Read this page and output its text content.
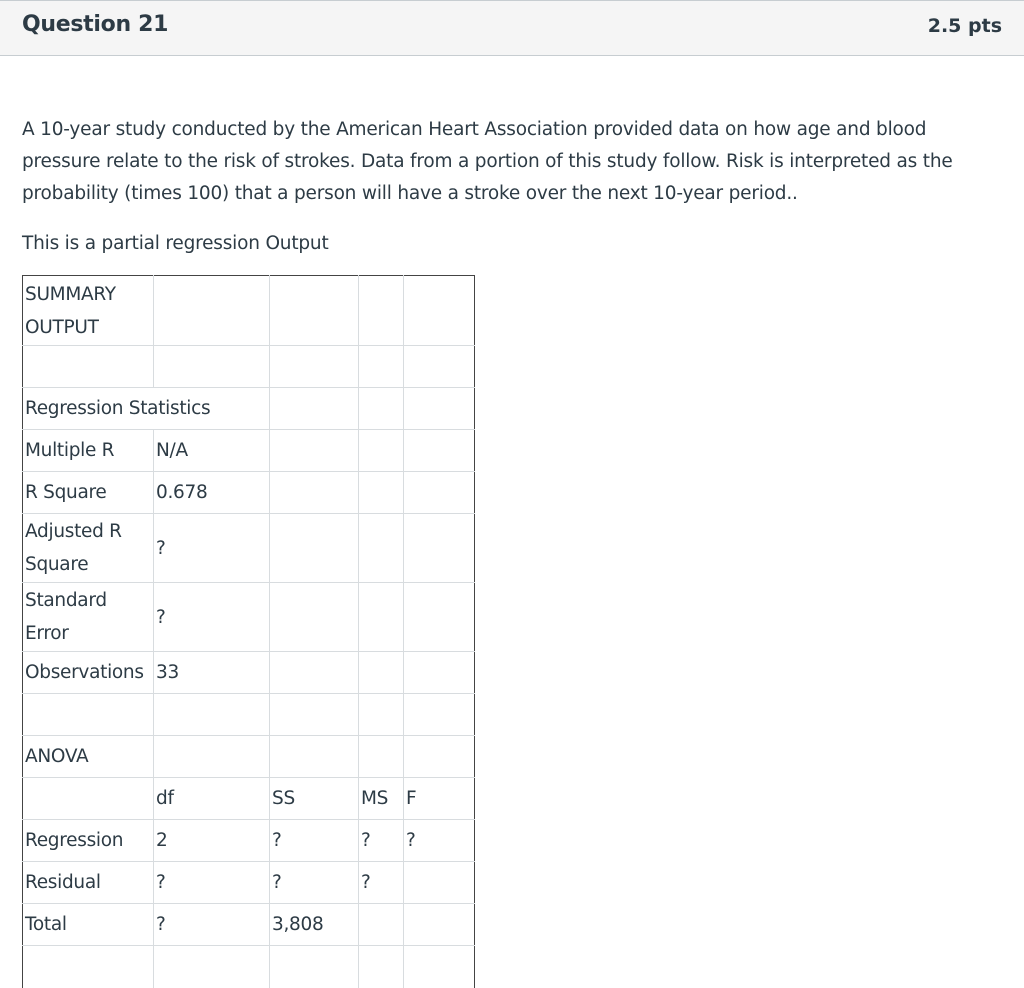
Question 21	2.5 pts

A 10-year study conducted by the American Heart Association provided data on how age and blood pressure relate to the risk of strokes. Data from a portion of this study follow. Risk is interpreted as the probability (times 100) that a person will have a stroke over the next 10-year period..

This is a partial regression Output

SUMMARY OUTPUT				

Regression Statistics				
Multiple R	N/A			
R Square	0.678			
Adjusted R Square	?			
Standard Error	?			
Observations	33			

ANOVA				
	df	SS	MS	F
Regression	2	?	?	?
Residual	?	?	?	
Total	?	3,808		
